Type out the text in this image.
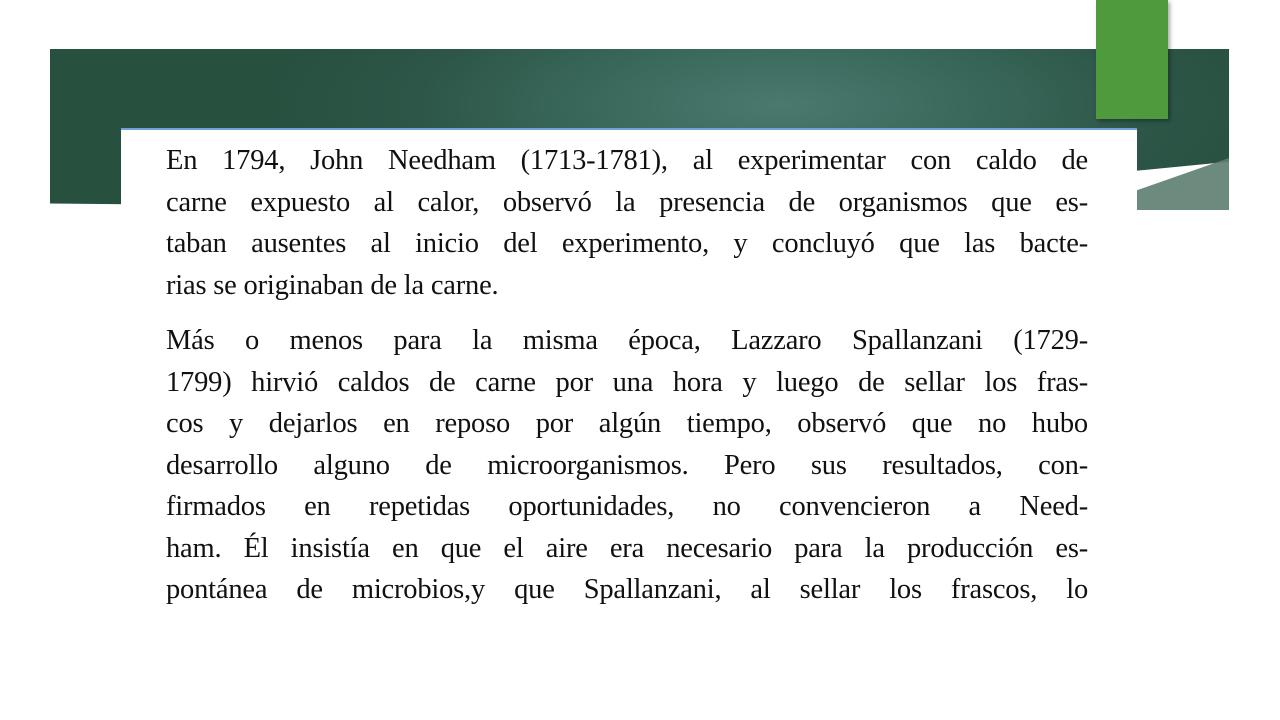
En 1794, John Needham (1713-1781), al experimentar con caldo de
carne expuesto al calor, observó la presencia de organismos que es-
taban ausentes al inicio del experimento, y concluyó que las bacte-
rias se originaban de la carne.
Más o menos para la misma época, Lazzaro Spallanzani (1729-
1799) hirvió caldos de carne por una hora y luego de sellar los fras-
cos y dejarlos en reposo por algún tiempo, observó que no hubo
desarrollo alguno de microorganismos. Pero sus resultados, con-
firmados en repetidas oportunidades, no convencieron a Need-
ham. Él insistía en que el aire era necesario para la producción es-
pontánea de microbios,y que Spallanzani, al sellar los frascos, lo
